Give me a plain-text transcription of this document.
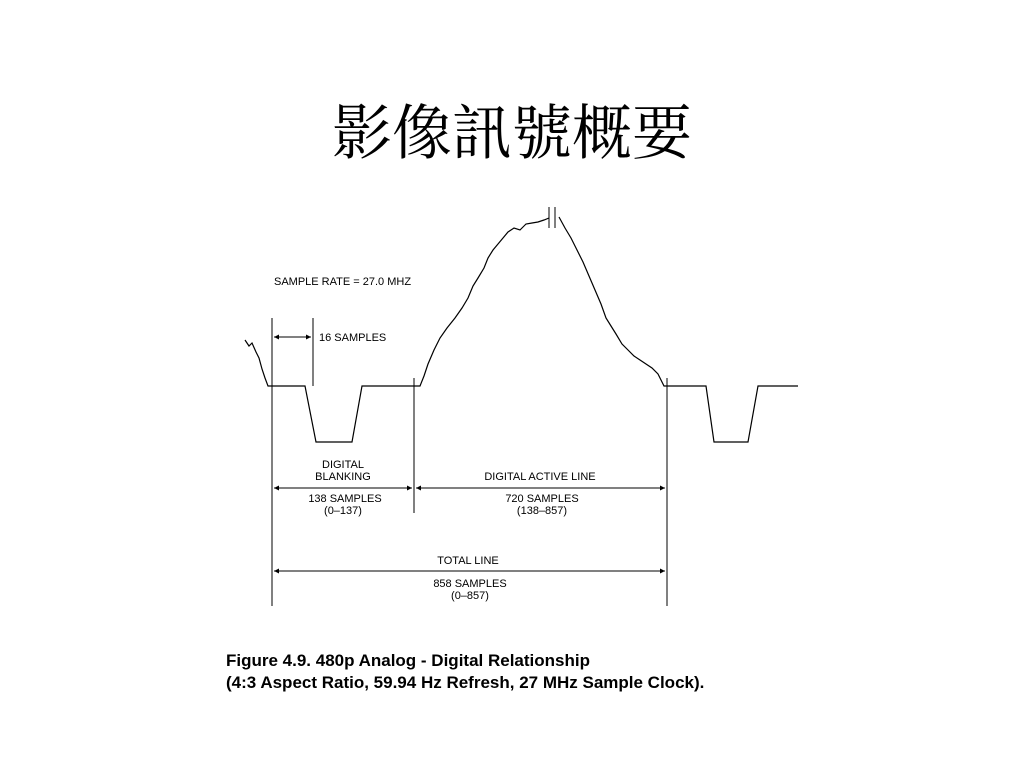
影像訊號概要
SAMPLE RATE = 27.0 MHZ
16 SAMPLES
DIGITAL
BLANKING
138 SAMPLES
(0–137)
DIGITAL ACTIVE LINE
720 SAMPLES
(138–857)
TOTAL LINE
858 SAMPLES
(0–857)
Figure 4.9. 480p Analog - Digital Relationship
(4:3 Aspect Ratio, 59.94 Hz Refresh, 27 MHz Sample Clock).
